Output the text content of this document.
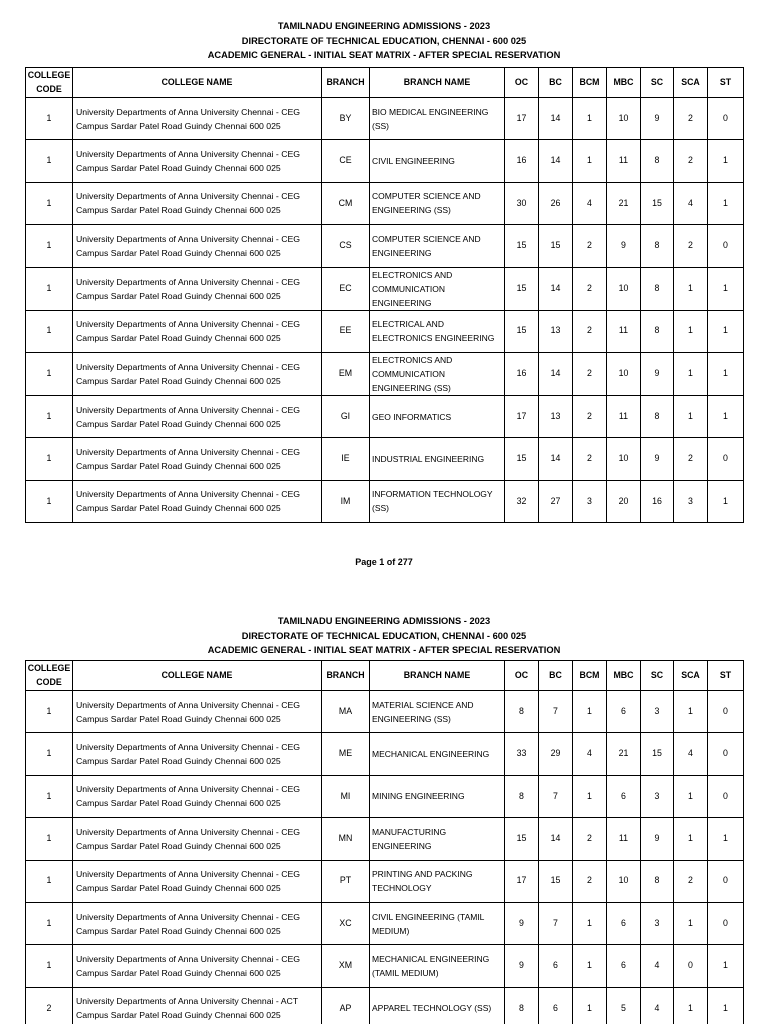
TAMILNADU ENGINEERING ADMISSIONS - 2023
DIRECTORATE OF TECHNICAL EDUCATION, CHENNAI - 600 025
ACADEMIC GENERAL - INITIAL SEAT MATRIX - AFTER SPECIAL RESERVATION
COLLEGE
CODE	COLLEGE NAME	BRANCH	BRANCH NAME	OC	BC	BCM	MBC	SC	SCA	ST
1	University Departments of Anna University Chennai - CEG Campus Sardar Patel Road Guindy Chennai 600 025	BY	BIO MEDICAL ENGINEERING (SS)	17	14	1	10	9	2	0
1	University Departments of Anna University Chennai - CEG Campus Sardar Patel Road Guindy Chennai 600 025	CE	CIVIL ENGINEERING	16	14	1	11	8	2	1
1	University Departments of Anna University Chennai - CEG Campus Sardar Patel Road Guindy Chennai 600 025	CM	COMPUTER SCIENCE AND ENGINEERING (SS)	30	26	4	21	15	4	1
1	University Departments of Anna University Chennai - CEG Campus Sardar Patel Road Guindy Chennai 600 025	CS	COMPUTER SCIENCE AND ENGINEERING	15	15	2	9	8	2	0
1	University Departments of Anna University Chennai - CEG Campus Sardar Patel Road Guindy Chennai 600 025	EC	ELECTRONICS AND COMMUNICATION ENGINEERING	15	14	2	10	8	1	1
1	University Departments of Anna University Chennai - CEG Campus Sardar Patel Road Guindy Chennai 600 025	EE	ELECTRICAL AND ELECTRONICS ENGINEERING	15	13	2	11	8	1	1
1	University Departments of Anna University Chennai - CEG Campus Sardar Patel Road Guindy Chennai 600 025	EM	ELECTRONICS AND COMMUNICATION ENGINEERING (SS)	16	14	2	10	9	1	1
1	University Departments of Anna University Chennai - CEG Campus Sardar Patel Road Guindy Chennai 600 025	GI	GEO INFORMATICS	17	13	2	11	8	1	1
1	University Departments of Anna University Chennai - CEG Campus Sardar Patel Road Guindy Chennai 600 025	IE	INDUSTRIAL ENGINEERING	15	14	2	10	9	2	0
1	University Departments of Anna University Chennai - CEG Campus Sardar Patel Road Guindy Chennai 600 025	IM	INFORMATION TECHNOLOGY (SS)	32	27	3	20	16	3	1
Page 1 of 277
TAMILNADU ENGINEERING ADMISSIONS - 2023
DIRECTORATE OF TECHNICAL EDUCATION, CHENNAI - 600 025
ACADEMIC GENERAL - INITIAL SEAT MATRIX - AFTER SPECIAL RESERVATION
COLLEGE
CODE	COLLEGE NAME	BRANCH	BRANCH NAME	OC	BC	BCM	MBC	SC	SCA	ST
1	University Departments of Anna University Chennai - CEG Campus Sardar Patel Road Guindy Chennai 600 025	MA	MATERIAL SCIENCE AND ENGINEERING (SS)	8	7	1	6	3	1	0
1	University Departments of Anna University Chennai - CEG Campus Sardar Patel Road Guindy Chennai 600 025	ME	MECHANICAL ENGINEERING	33	29	4	21	15	4	0
1	University Departments of Anna University Chennai - CEG Campus Sardar Patel Road Guindy Chennai 600 025	MI	MINING ENGINEERING	8	7	1	6	3	1	0
1	University Departments of Anna University Chennai - CEG Campus Sardar Patel Road Guindy Chennai 600 025	MN	MANUFACTURING ENGINEERING	15	14	2	11	9	1	1
1	University Departments of Anna University Chennai - CEG Campus Sardar Patel Road Guindy Chennai 600 025	PT	PRINTING AND PACKING TECHNOLOGY	17	15	2	10	8	2	0
1	University Departments of Anna University Chennai - CEG Campus Sardar Patel Road Guindy Chennai 600 025	XC	CIVIL ENGINEERING (TAMIL MEDIUM)	9	7	1	6	3	1	0
1	University Departments of Anna University Chennai - CEG Campus Sardar Patel Road Guindy Chennai 600 025	XM	MECHANICAL ENGINEERING (TAMIL MEDIUM)	9	6	1	6	4	0	1
2	University Departments of Anna University Chennai - ACT Campus Sardar Patel Road Guindy Chennai 600 025	AP	APPAREL TECHNOLOGY (SS)	8	6	1	5	4	1	1
